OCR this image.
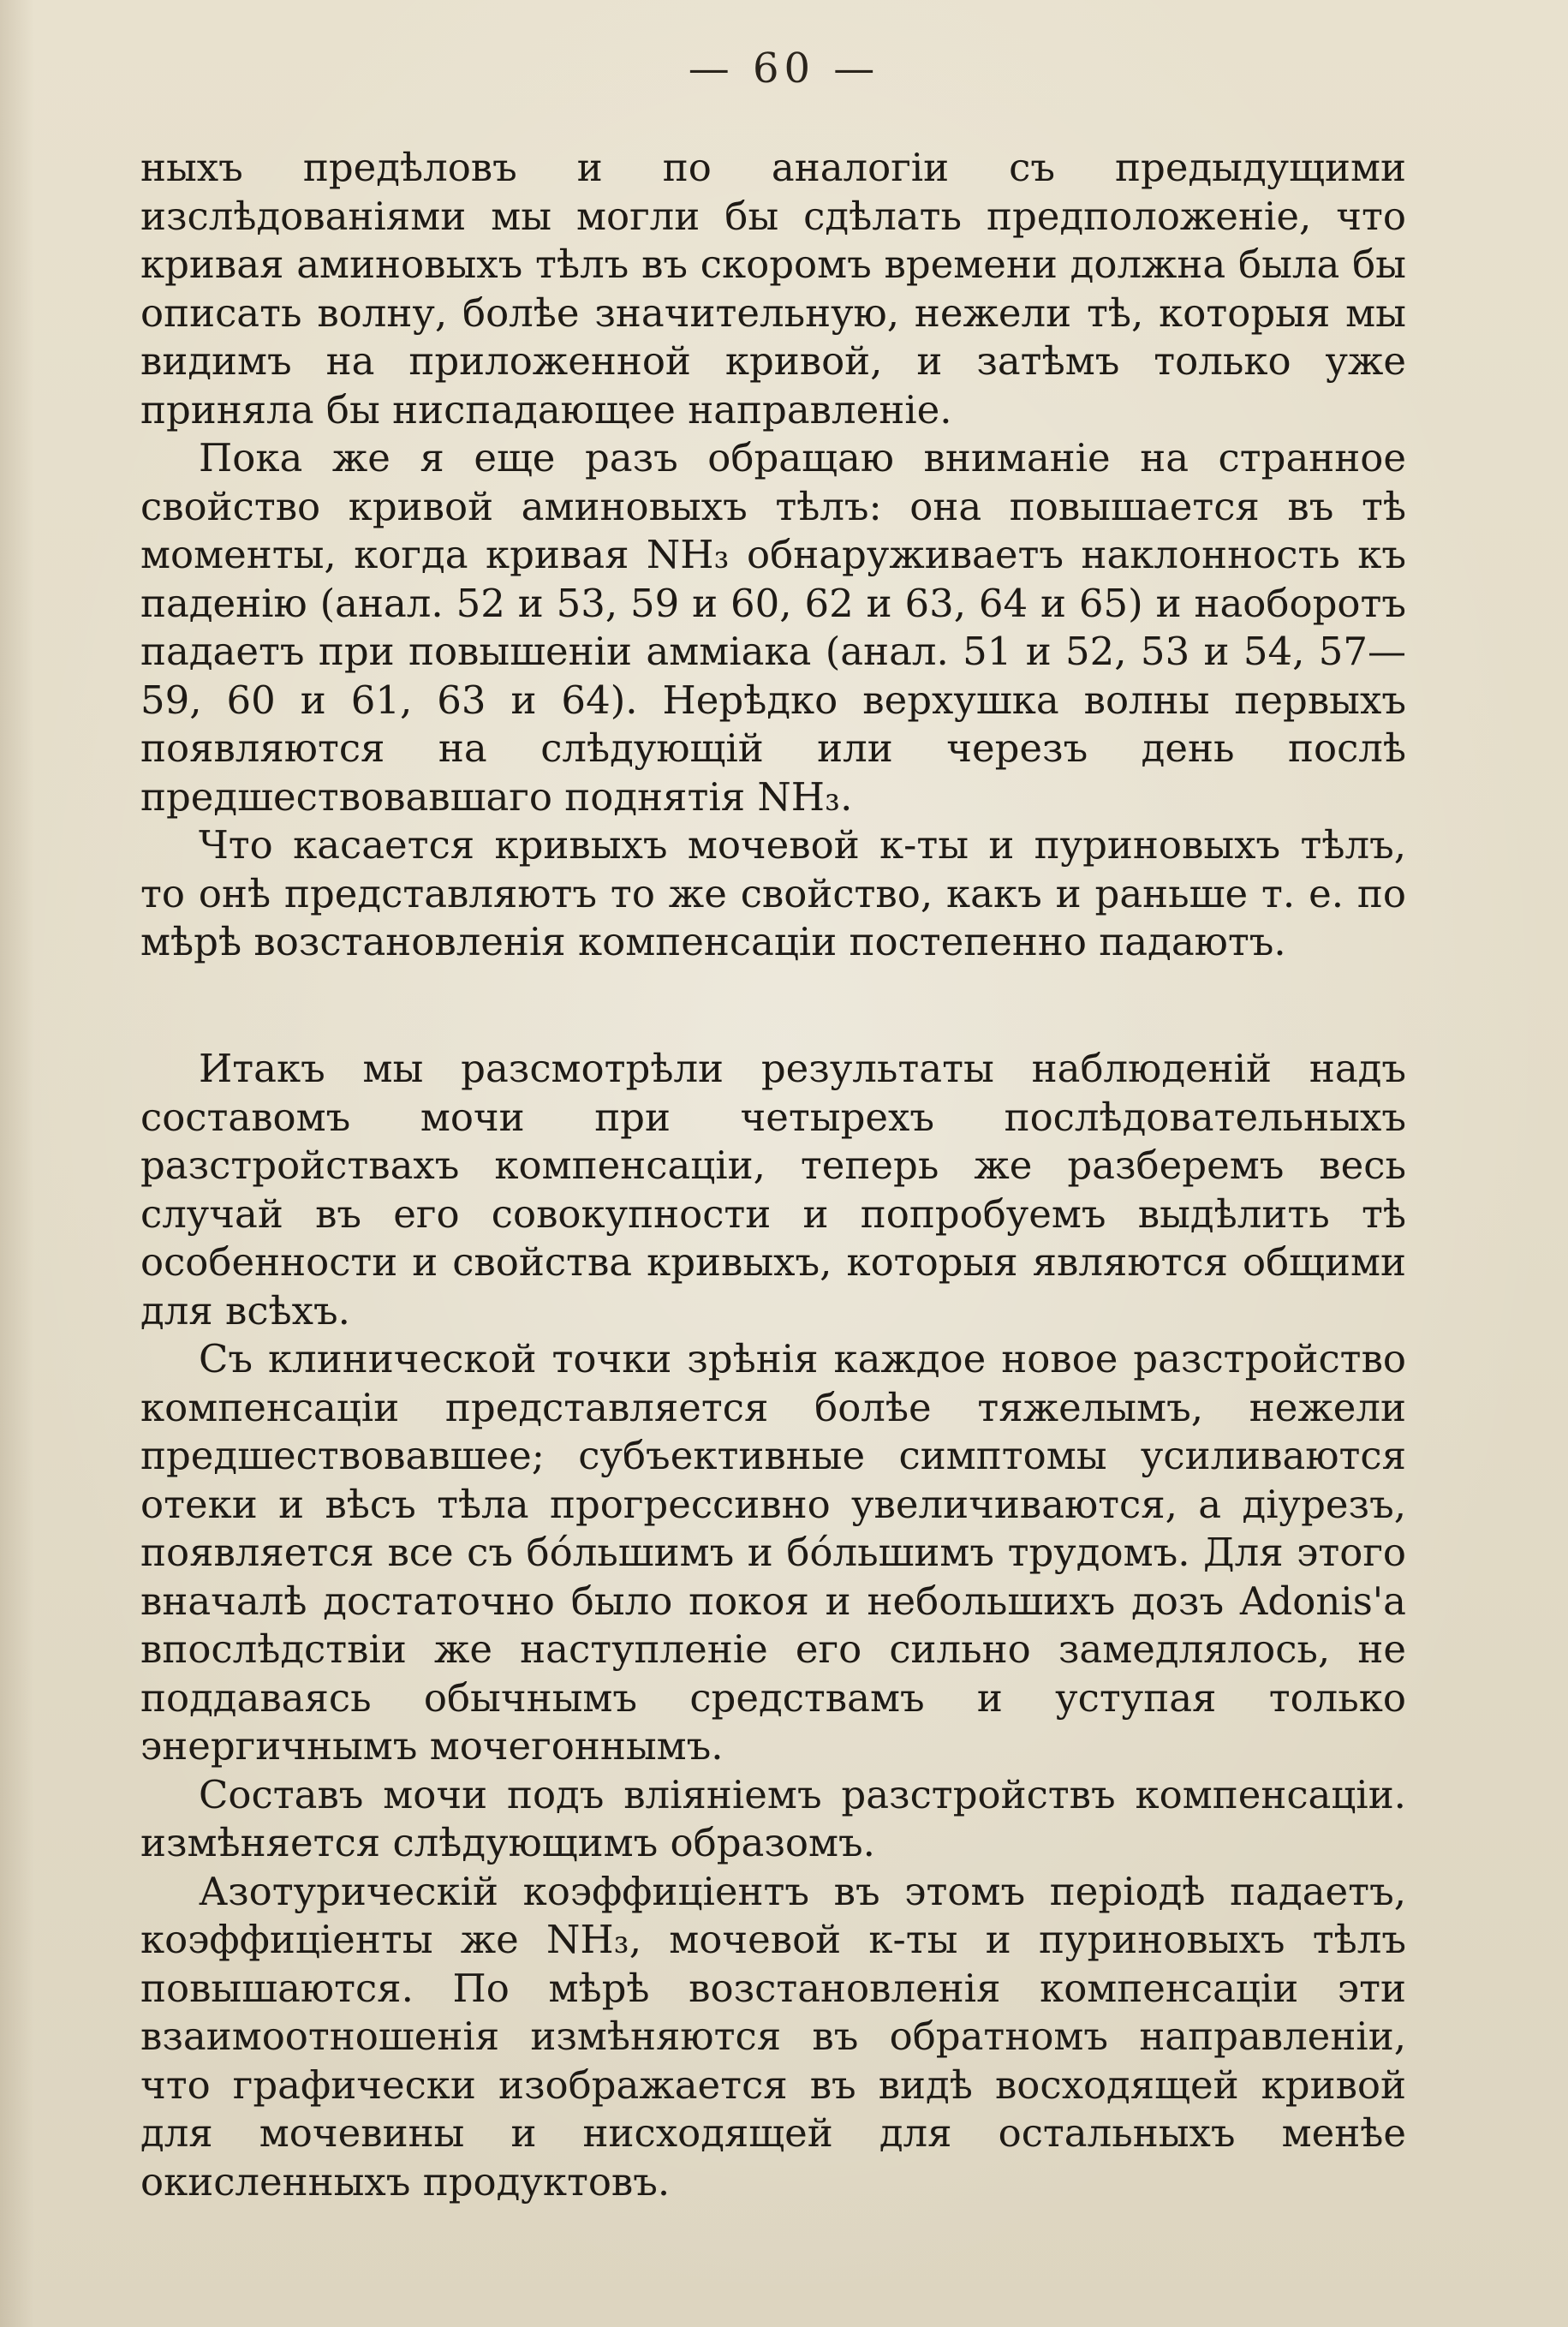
— 60 —

ныхъ предѣловъ и по аналогіи съ предыдущими изслѣдованіями мы могли бы сдѣлать предположеніе, что кривая аминовыхъ тѣлъ въ скоромъ времени должна была бы описать волну, болѣе значительную, нежели тѣ, которыя мы видимъ на приложенной кривой, и затѣмъ только уже приняла бы ниспадающее направленіе.

Пока же я еще разъ обращаю вниманіе на странное свойство кривой аминовыхъ тѣлъ: она повышается въ тѣ моменты, когда кривая NH₃ обнаруживаетъ наклонность къ паденію (анал. 52 и 53, 59 и 60, 62 и 63, 64 и 65) и наоборотъ падаетъ при повышеніи аммiака (анал. 51 и 52, 53 и 54, 57—59, 60 и 61, 63 и 64). Нерѣдко верхушка волны первыхъ появляются на слѣдующій или черезъ день послѣ предшествовавшаго поднятія NH₃.

Что касается кривыхъ мочевой к-ты и пуриновыхъ тѣлъ, то онѣ представляютъ то же свойство, какъ и раньше т. е. по мѣрѣ возстановленія компенсаціи постепенно падаютъ.

Итакъ мы разсмотрѣли результаты наблюденій надъ составомъ мочи при четырехъ послѣдовательныхъ разстройствахъ компенсаціи, теперь же разберемъ весь случай въ его совокупности и попробуемъ выдѣлить тѣ особенности и свойства кривыхъ, которыя являются общими для всѣхъ.

Съ клинической точки зрѣнія каждое новое разстройство компенсаціи представляется болѣе тяжелымъ, нежели предшествовавшее; субъективные симптомы усиливаются отеки и вѣсъ тѣла прогрессивно увеличиваются, а діурезъ, появляется все съ бóльшимъ и бóльшимъ трудомъ. Для этого вначалѣ достаточно было покоя и небольшихъ дозъ Adonis'а впослѣдствіи же наступленіе его сильно замедлялось, не поддаваясь обычнымъ средствамъ и уступая только энергичнымъ мочегоннымъ.

Составъ мочи подъ вліяніемъ разстройствъ компенсаціи. измѣняется слѣдующимъ образомъ.

Азотурическій коэффиціентъ въ этомъ періодѣ падаетъ, коэффиціенты же NH₃, мочевой к-ты и пуриновыхъ тѣлъ повышаются. По мѣрѣ возстановленія компенсаціи эти взаимоотношенія измѣняются въ обратномъ направленіи, что графически изображается въ видѣ восходящей кривой для мочевины и нисходящей для остальныхъ менѣе окисленныхъ продуктовъ.
